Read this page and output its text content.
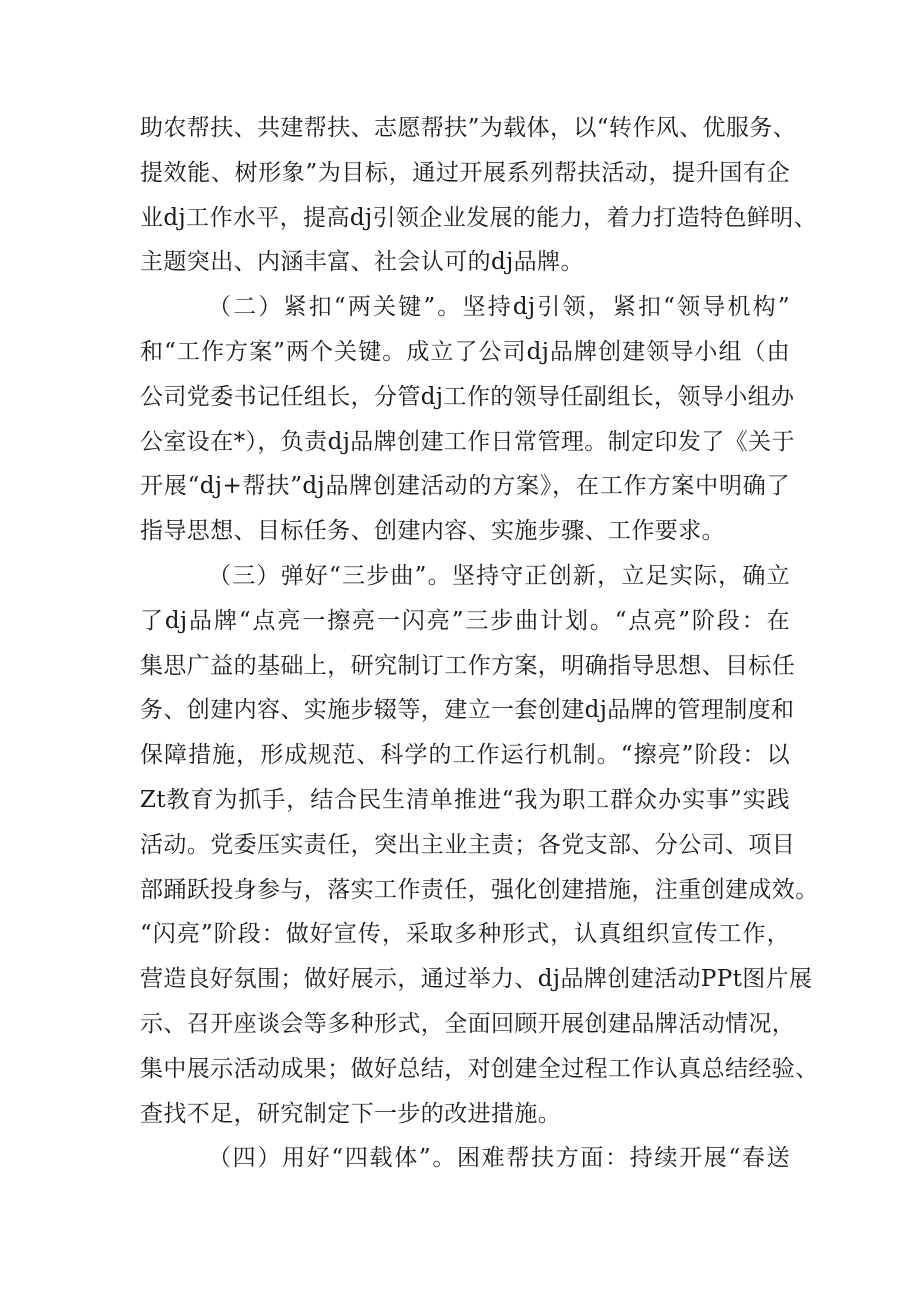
助农帮扶、共建帮扶、志愿帮扶”为载体，以“转作风、优服务、
提效能、树形象”为目标，通过开展系列帮扶活动，提升国有企
业dj工作水平，提高dj引领企业发展的能力，着力打造特色鲜明、
主题突出、内涵丰富、社会认可的dj品牌。
（二）紧扣“两关键”。坚持dj引领，紧扣“领导机构”
和“工作方案”两个关键。成立了公司dj品牌创建领导小组（由
公司党委书记任组长，分管dj工作的领导任副组长，领导小组办
公室设在*），负责dj品牌创建工作日常管理。制定印发了《关于
开展“dj+帮扶”dj品牌创建活动的方案》，在工作方案中明确了
指导思想、目标任务、创建内容、实施步骤、工作要求。
（三）弹好“三步曲”。坚持守正创新，立足实际，确立
了dj品牌“点亮一擦亮一闪亮”三步曲计划。“点亮”阶段：在
集思广益的基础上，研究制订工作方案，明确指导思想、目标任
务、创建内容、实施步辍等，建立一套创建dj品牌的管理制度和
保障措施，形成规范、科学的工作运行机制。“擦亮”阶段：以
Zt教育为抓手，结合民生清单推进“我为职工群众办实事”实践
活动。党委压实责任，突出主业主责；各党支部、分公司、项目
部踊跃投身参与，落实工作责任，强化创建措施，注重创建成效。
“闪亮”阶段：做好宣传，采取多种形式，认真组织宣传工作，
营造良好氛围；做好展示，通过举力、dj品牌创建活动PPt图片展
示、召开座谈会等多种形式，全面回顾开展创建品牌活动情况，
集中展示活动成果；做好总结，对创建全过程工作认真总结经验、
查找不足，研究制定下一步的改进措施。
（四）用好“四载体”。困难帮扶方面：持续开展“春送
